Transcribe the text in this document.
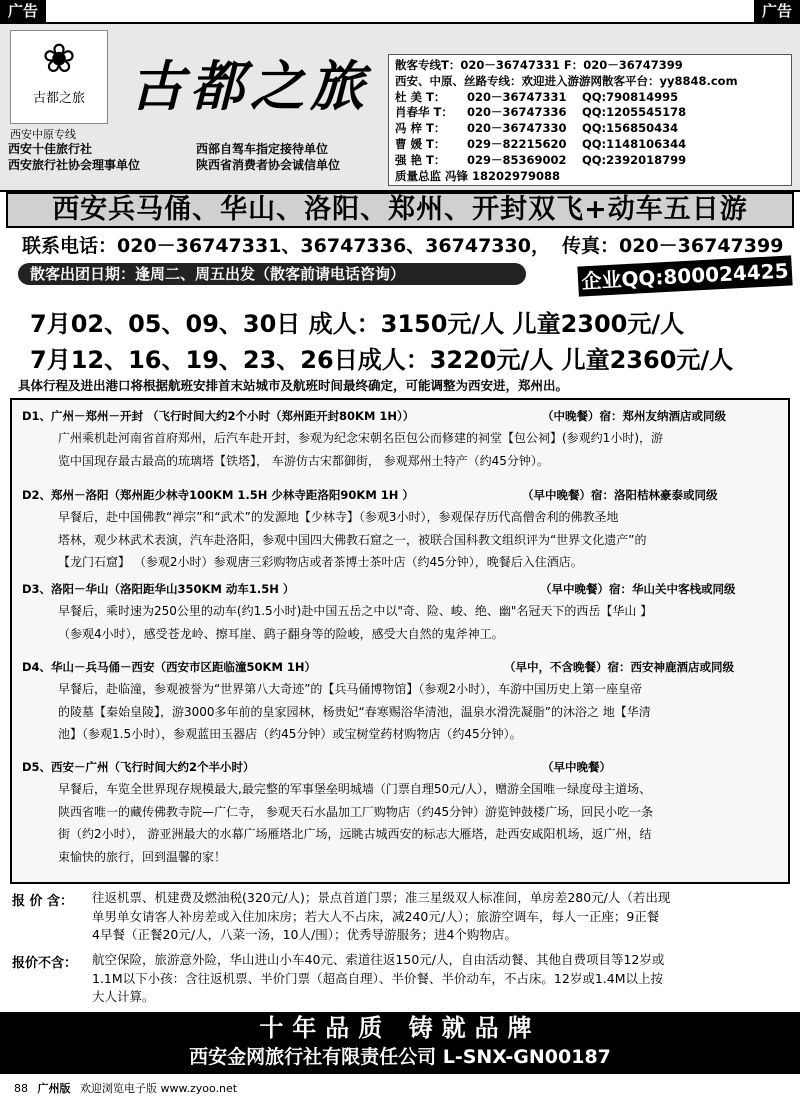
广告	广告
❀
古都之旅
西安中原专线
古都之旅
西安十佳旅行社
西安旅行社协会理事单位
西部自驾车指定接待单位
陕西省消费者协会诚信单位
散客专线T：020－36747331 F：020－36747399
西安、中原、丝路专线：欢迎进入游游网散客平台：yy8848.com
杜 美 T： 020－36747331 QQ:790814995
肖春华 T： 020－36747336 QQ:1205545178
冯 梓 T： 020－36747330 QQ:156850434
曹 媛 T： 029－82215620 QQ:1148106344
强 艳 T： 029－85369002 QQ:2392018799
质量总监 冯锋 18202979088
西安兵马俑、华山、洛阳、郑州、开封双飞+动车五日游
联系电话：020－36747331、36747336、36747330， 传真：020－36747399
散客出团日期：逢周二、周五出发（散客前请电话咨询）	企业QQ:800024425
7月02、05、09、30日 成人：3150元/人 儿童2300元/人
7月12、16、19、23、26日成人：3220元/人 儿童2360元/人
具体行程及进出港口将根据航班安排首末站城市及航班时间最终确定，可能调整为西安进，郑州出。
D1、广州－郑州－开封 （飞行时间大约2个小时（郑州距开封80KM 1H））	（中晚餐）宿：郑州友纳酒店或同级
广州乘机赴河南省首府郑州，后汽车赴开封，参观为纪念宋朝名臣包公而修建的祠堂【包公祠】(参观约1小时)，游
览中国现存最古最高的琉璃塔【铁塔】， 车游仿古宋都御街， 参观郑州土特产（约45分钟）。
D2、郑州－洛阳（郑州距少林寺100KM 1.5H 少林寺距洛阳90KM 1H ）	（早中晚餐）宿：洛阳桔林豪泰或同级
早餐后，赴中国佛教“禅宗”和“武术”的发源地【少林寺】（参观3小时），参观保存历代高僧舍利的佛教圣地
塔林，观少林武术表演，汽车赴洛阳，参观中国四大佛教石窟之一，被联合国科教文组织评为“世界文化遗产”的
【龙门石窟】 （参观2小时）参观唐三彩购物店或者茶博士茶叶店（约45分钟），晚餐后入住酒店。
D3、洛阳－华山（洛阳距华山350KM 动车1.5H ）	（早中晚餐）宿：华山关中客栈或同级
早餐后，乘时速为250公里的动车(约1.5小时)赴中国五岳之中以"奇、险、峻、绝、幽"名冠天下的西岳【华山 】
（参观4小时），感受苍龙岭、擦耳崖、鹞子翻身等的险峻，感受大自然的鬼斧神工。
D4、华山－兵马俑－西安（西安市区距临潼50KM 1H）	（早中，不含晚餐）宿：西安神鹿酒店或同级
早餐后，赴临潼，参观被誉为“世界第八大奇迹”的【兵马俑博物馆】（参观2小时），车游中国历史上第一座皇帝
的陵墓【秦始皇陵】，游3000多年前的皇家园林，杨贵妃“春寒赐浴华清池，温泉水滑洗凝脂”的沐浴之 地【华清
池】（参观1.5小时），参观蓝田玉器店（约45分钟）或宝树堂药材购物店（约45分钟）。
D5、西安－广州（飞行时间大约2个半小时）	（早中晚餐）
早餐后，车览全世界现存规模最大,最完整的军事堡垒明城墙（门票自理50元/人），赠游全国唯一绿度母主道场、
陕西省唯一的藏传佛教寺院—广仁寺， 参观天石水晶加工厂购物店（约45分钟）游览钟鼓楼广场，回民小吃一条
街（约2小时）， 游亚洲最大的水幕广场雁塔北广场，远眺古城西安的标志大雁塔，赴西安咸阳机场，返广州，结
束愉快的旅行，回到温馨的家！
报 价 含： 往返机票、机建费及燃油税(320元/人)；景点首道门票；准三星级双人标准间，单房差280元/人（若出现
单男单女请客人补房差或入住加床房；若大人不占床，减240元/人）；旅游空调车，每人一正座；9正餐
4早餐（正餐20元/人，八菜一汤，10人/围）；优秀导游服务；进4个购物店。
报价不含： 航空保险，旅游意外险，华山进山小车40元、索道往返150元/人，自由活动餐、其他自费项目等12岁或
1.1M以下小孩：含往返机票、半价门票（超高自理）、半价餐、半价动车，不占床。12岁或1.4M以上按
大人计算。
十年品质 铸就品牌
西安金网旅行社有限责任公司 L-SNX-GN00187
88 广州版 欢迎浏览电子版 www.zyoo.net
